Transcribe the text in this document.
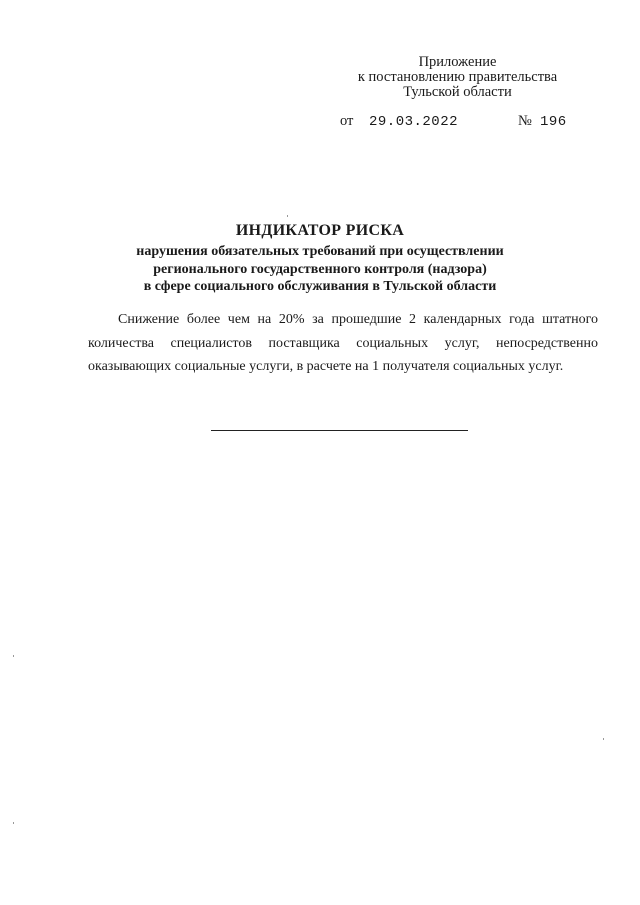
Приложение
к постановлению правительства
Тульской области
от 29.03.2022	№ 196
ИНДИКАТОР РИСКА
нарушения обязательных требований при осуществлении
регионального государственного контроля (надзора)
в сфере социального обслуживания в Тульской области
Снижение более чем на 20% за прошедшие 2 календарных года штатного количества специалистов поставщика социальных услуг, непосредственно оказывающих социальные услуги, в расчете на 1 получателя социальных услуг.
